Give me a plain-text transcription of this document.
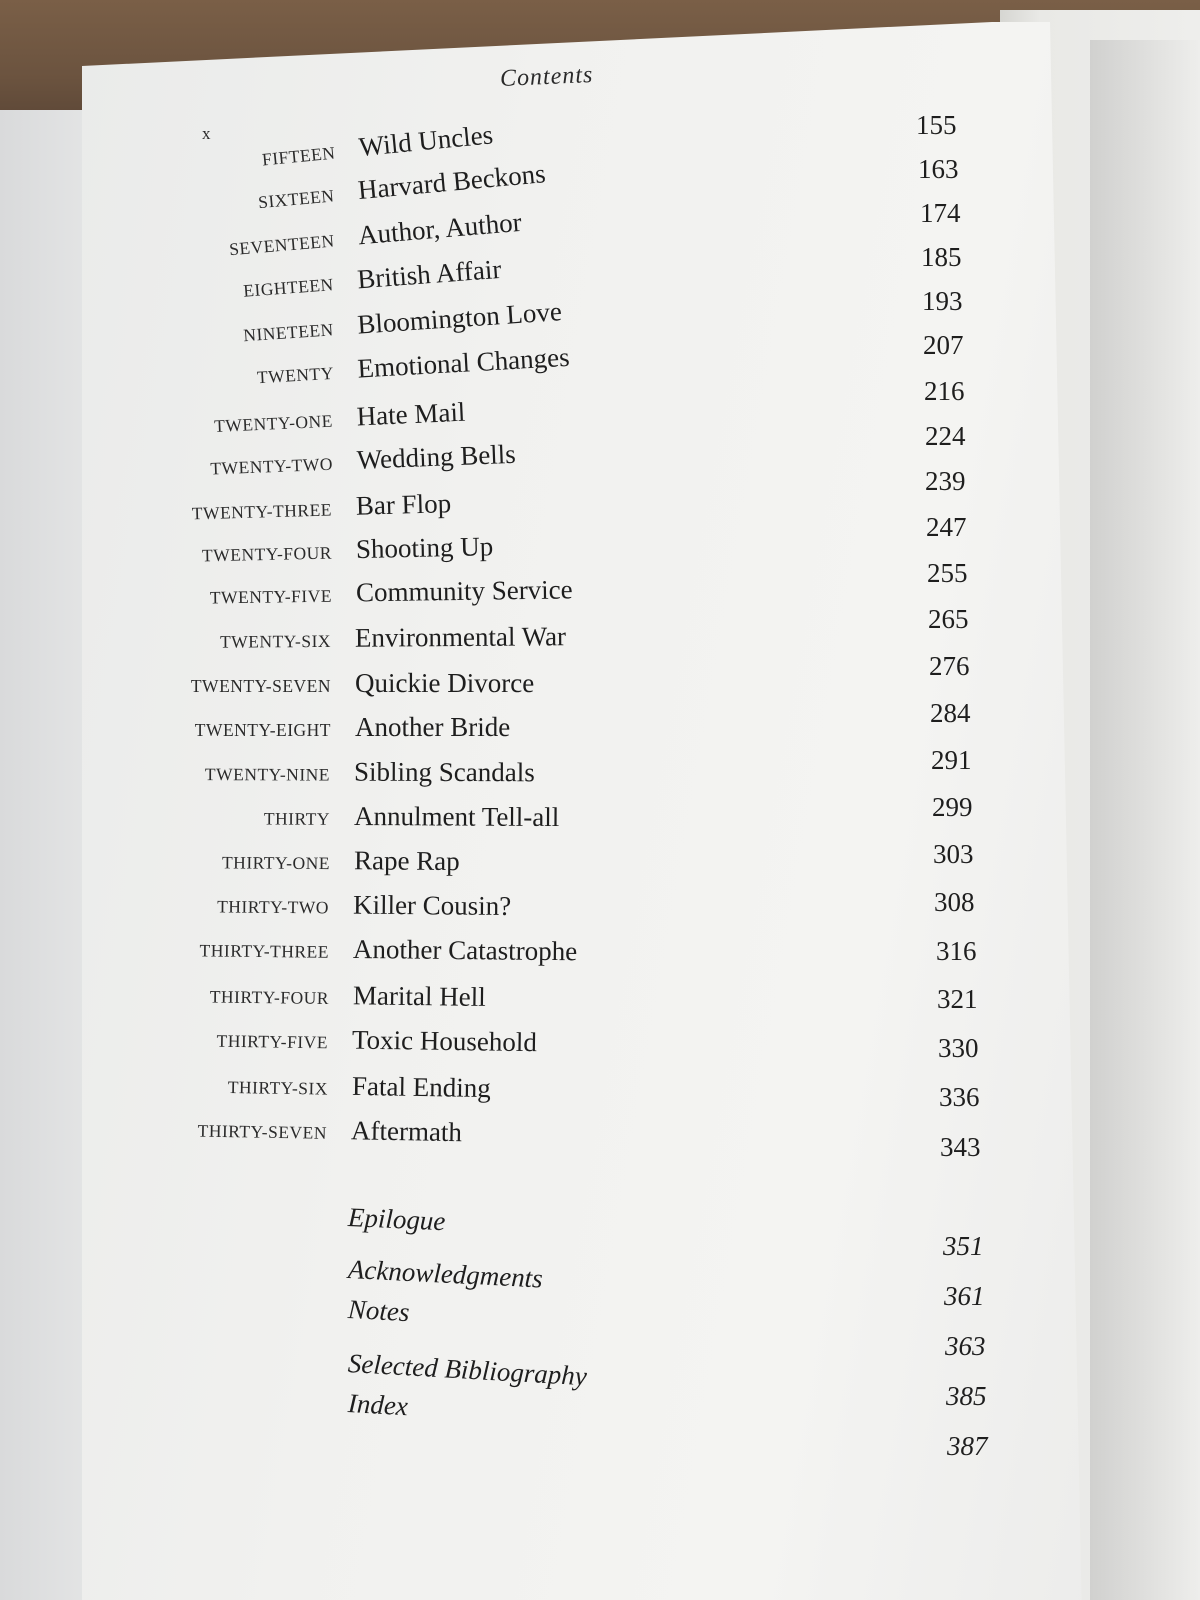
Contents
x
FIFTEEN Wild Uncles
SIXTEEN Harvard Beckons
SEVENTEEN Author, Author
EIGHTEEN British Affair
NINETEEN Bloomington Love
TWENTY Emotional Changes
TWENTY-ONE Hate Mail
TWENTY-TWO Wedding Bells
TWENTY-THREE Bar Flop
TWENTY-FOUR Shooting Up
TWENTY-FIVE Community Service
TWENTY-SIX Environmental War
TWENTY-SEVEN Quickie Divorce
TWENTY-EIGHT Another Bride
TWENTY-NINE Sibling Scandals
THIRTY Annulment Tell-all
THIRTY-ONE Rape Rap
THIRTY-TWO Killer Cousin?
THIRTY-THREE Another Catastrophe
THIRTY-FOUR Marital Hell
THIRTY-FIVE Toxic Household
THIRTY-SIX Fatal Ending
THIRTY-SEVEN Aftermath
Epilogue
Acknowledgments
Notes
Selected Bibliography
Index
155
163
174
185
193
207
216
224
239
247
255
265
276
284
291
299
303
308
316
321
330
336
343
351
361
363
385
387
